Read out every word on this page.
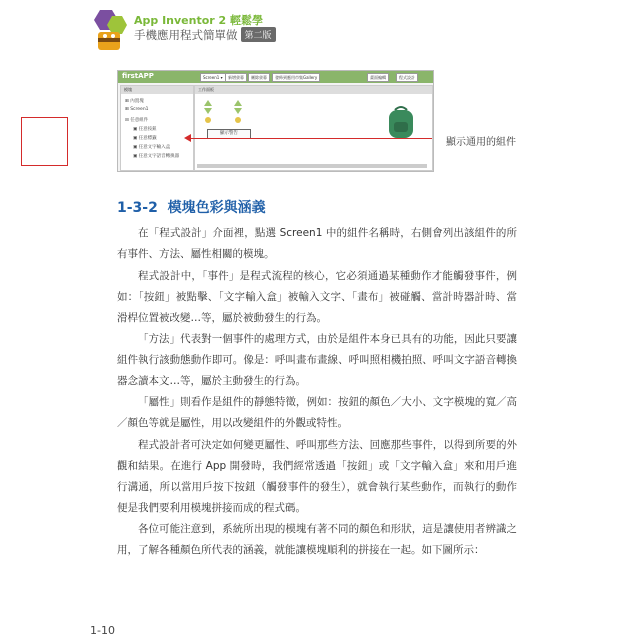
App Inventor 2 輕鬆學
手機應用程式簡單做 第二版
firstAPP	Screen1 ▾	新增螢幕	刪除螢幕	發佈到應用市集Gallery	畫面編輯	程式設計
模塊
⊞ 內置塊
⊞ Screen1
⊟ 任意組件
▣ 任意按鈕
▣ 任意標籤
▣ 任意文字輸入盒
▣ 任意文字語音轉換器
工作面板
顯示警告
顯示通用的組件
1-3-2 模塊色彩與涵義

在「程式設計」介面裡，點選 Screen1 中的組件名稱時，右側會列出該組件的所有事件、方法、屬性相關的模塊。

程式設計中，「事件」是程式流程的核心，它必須通過某種動作才能觸發事件，例如：「按鈕」被點擊、「文字輸入盒」被輸入文字、「畫布」被碰觸、當計時器計時、當滑桿位置被改變…等，屬於被動發生的行為。

「方法」代表對一個事件的處理方式，由於是組件本身已具有的功能，因此只要讓組件執行該動態動作即可。像是：呼叫畫布畫線、呼叫照相機拍照、呼叫文字語音轉換器念讀本文…等，屬於主動發生的行為。

「屬性」則看作是組件的靜態特徵，例如：按鈕的顏色／大小、文字模塊的寬／高／顏色等就是屬性，用以改變組件的外觀或特性。

程式設計者可決定如何變更屬性、呼叫那些方法、回應那些事件，以得到所要的外觀和結果。在進行 App 開發時，我們經常透過「按鈕」或「文字輸入盒」來和用戶進行溝通，所以當用戶按下按鈕（觸發事件的發生），就會執行某些動作，而執行的動作便是我們要利用模塊拼接而成的程式碼。

各位可能注意到，系統所出現的模塊有著不同的顏色和形狀，這是讓使用者辨識之用，了解各種顏色所代表的涵義，就能讓模塊順利的拼接在一起。如下圖所示：

1-10
